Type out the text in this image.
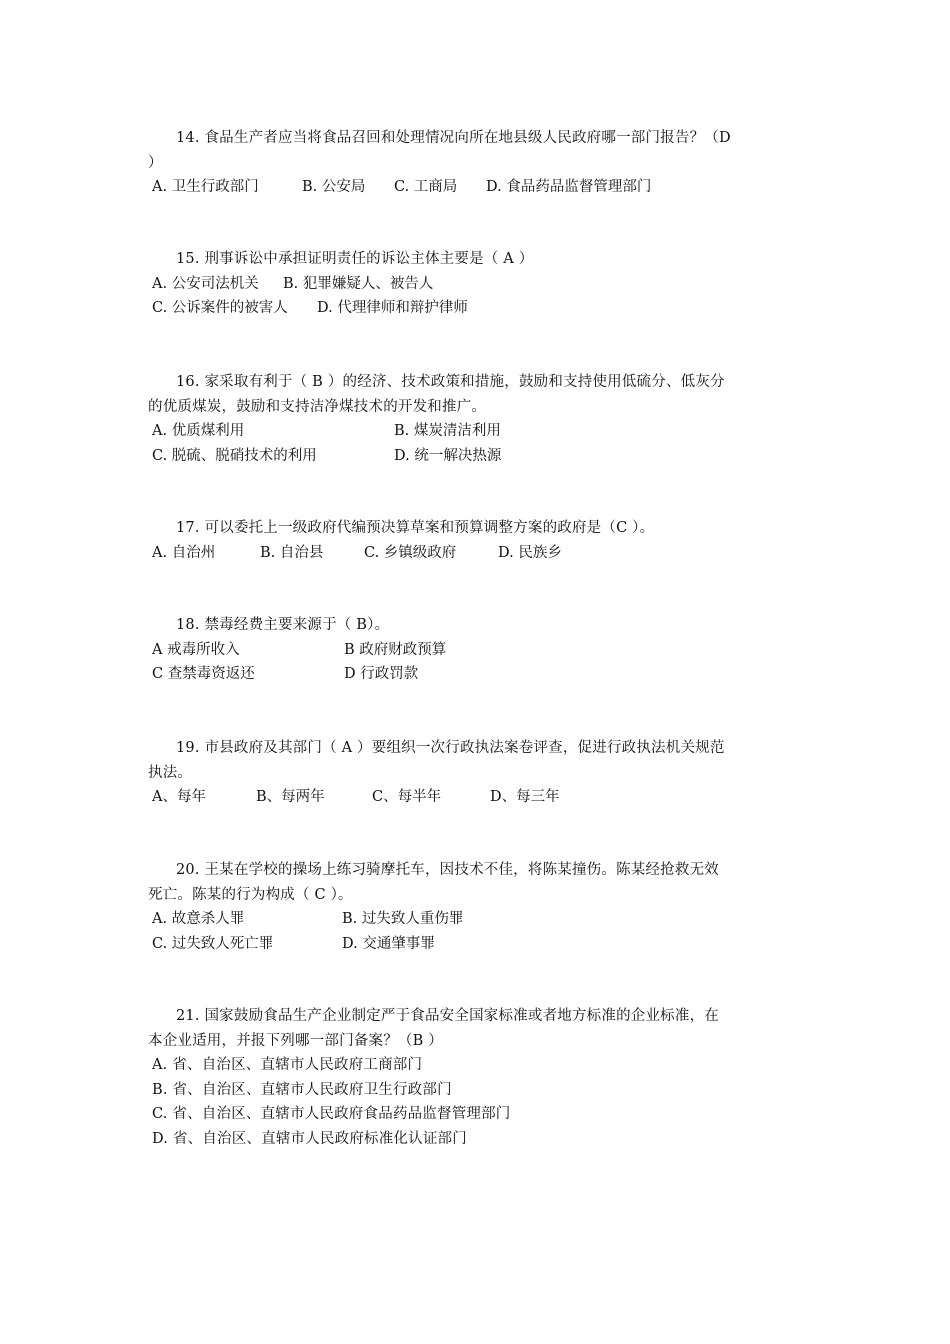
14. 食品生产者应当将食品召回和处理情况向所在地县级人民政府哪一部门报告？（D
）
A. 卫生行政部门	B. 公安局	C. 工商局	D. 食品药品监督管理部门
15. 刑事诉讼中承担证明责任的诉讼主体主要是（ A ）
A. 公安司法机关	B. 犯罪嫌疑人、被告人
C. 公诉案件的被害人	D. 代理律师和辩护律师
16. 家采取有利于（ B ）的经济、技术政策和措施，鼓励和支持使用低硫分、低灰分
的优质煤炭，鼓励和支持洁净煤技术的开发和推广。
A. 优质煤利用	B. 煤炭清洁利用
C. 脱硫、脱硝技术的利用	D. 统一解决热源
17. 可以委托上一级政府代编预决算草案和预算调整方案的政府是（C ）。
A. 自治州	B. 自治县	C. 乡镇级政府	D. 民族乡
18. 禁毒经费主要来源于（ B）。
A 戒毒所收入	B 政府财政预算
C 查禁毒资返还	D 行政罚款
19. 市县政府及其部门（ A ）要组织一次行政执法案卷评查，促进行政执法机关规范
执法。
A、每年	B、每两年	C、每半年	D、每三年
20. 王某在学校的操场上练习骑摩托车，因技术不佳，将陈某撞伤。陈某经抢救无效
死亡。陈某的行为构成（ C ）。
A. 故意杀人罪	B. 过失致人重伤罪
C. 过失致人死亡罪	D. 交通肇事罪
21. 国家鼓励食品生产企业制定严于食品安全国家标准或者地方标准的企业标准，在
本企业适用，并报下列哪一部门备案？（B ）
A. 省、自治区、直辖市人民政府工商部门
B. 省、自治区、直辖市人民政府卫生行政部门
C. 省、自治区、直辖市人民政府食品药品监督管理部门
D. 省、自治区、直辖市人民政府标准化认证部门
